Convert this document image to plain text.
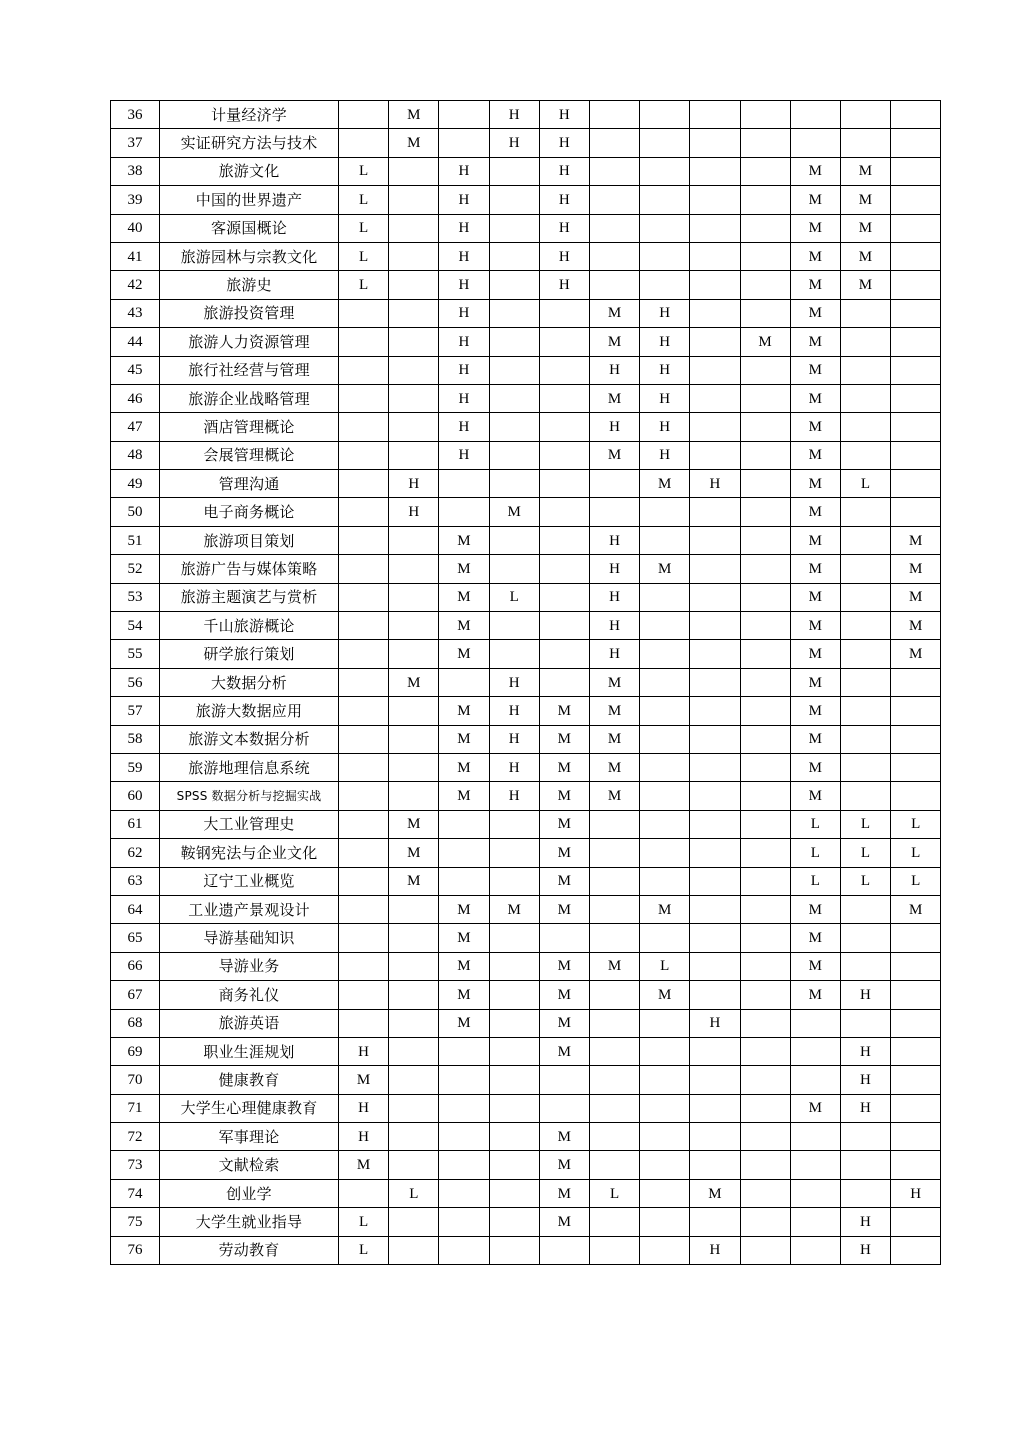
36	计量经济学		M		H	H							
37	实证研究方法与技术		M		H	H							
38	旅游文化	L		H		H					M	M	
39	中国的世界遗产	L		H		H					M	M	
40	客源国概论	L		H		H					M	M	
41	旅游园林与宗教文化	L		H		H					M	M	
42	旅游史	L		H		H					M	M	
43	旅游投资管理			H			M	H			M		
44	旅游人力资源管理			H			M	H		M	M		
45	旅行社经营与管理			H			H	H			M		
46	旅游企业战略管理			H			M	H			M		
47	酒店管理概论			H			H	H			M		
48	会展管理概论			H			M	H			M		
49	管理沟通		H					M	H		M	L	
50	电子商务概论		H		M						M		
51	旅游项目策划			M			H				M		M
52	旅游广告与媒体策略			M			H	M			M		M
53	旅游主题演艺与赏析			M	L		H				M		M
54	千山旅游概论			M			H				M		M
55	研学旅行策划			M			H				M		M
56	大数据分析		M		H		M				M		
57	旅游大数据应用			M	H	M	M				M		
58	旅游文本数据分析			M	H	M	M				M		
59	旅游地理信息系统			M	H	M	M				M		
60	SPSS 数据分析与挖掘实战			M	H	M	M				M		
61	大工业管理史		M			M					L	L	L
62	鞍钢宪法与企业文化		M			M					L	L	L
63	辽宁工业概览		M			M					L	L	L
64	工业遗产景观设计			M	M	M		M			M		M
65	导游基础知识			M							M		
66	导游业务			M		M	M	L			M		
67	商务礼仪			M		M		M			M	H	
68	旅游英语			M		M			H				
69	职业生涯规划	H				M						H	
70	健康教育	M										H	
71	大学生心理健康教育	H									M	H	
72	军事理论	H				M							
73	文献检索	M				M							
74	创业学		L			M	L		M				H
75	大学生就业指导	L				M						H	
76	劳动教育	L							H			H	
